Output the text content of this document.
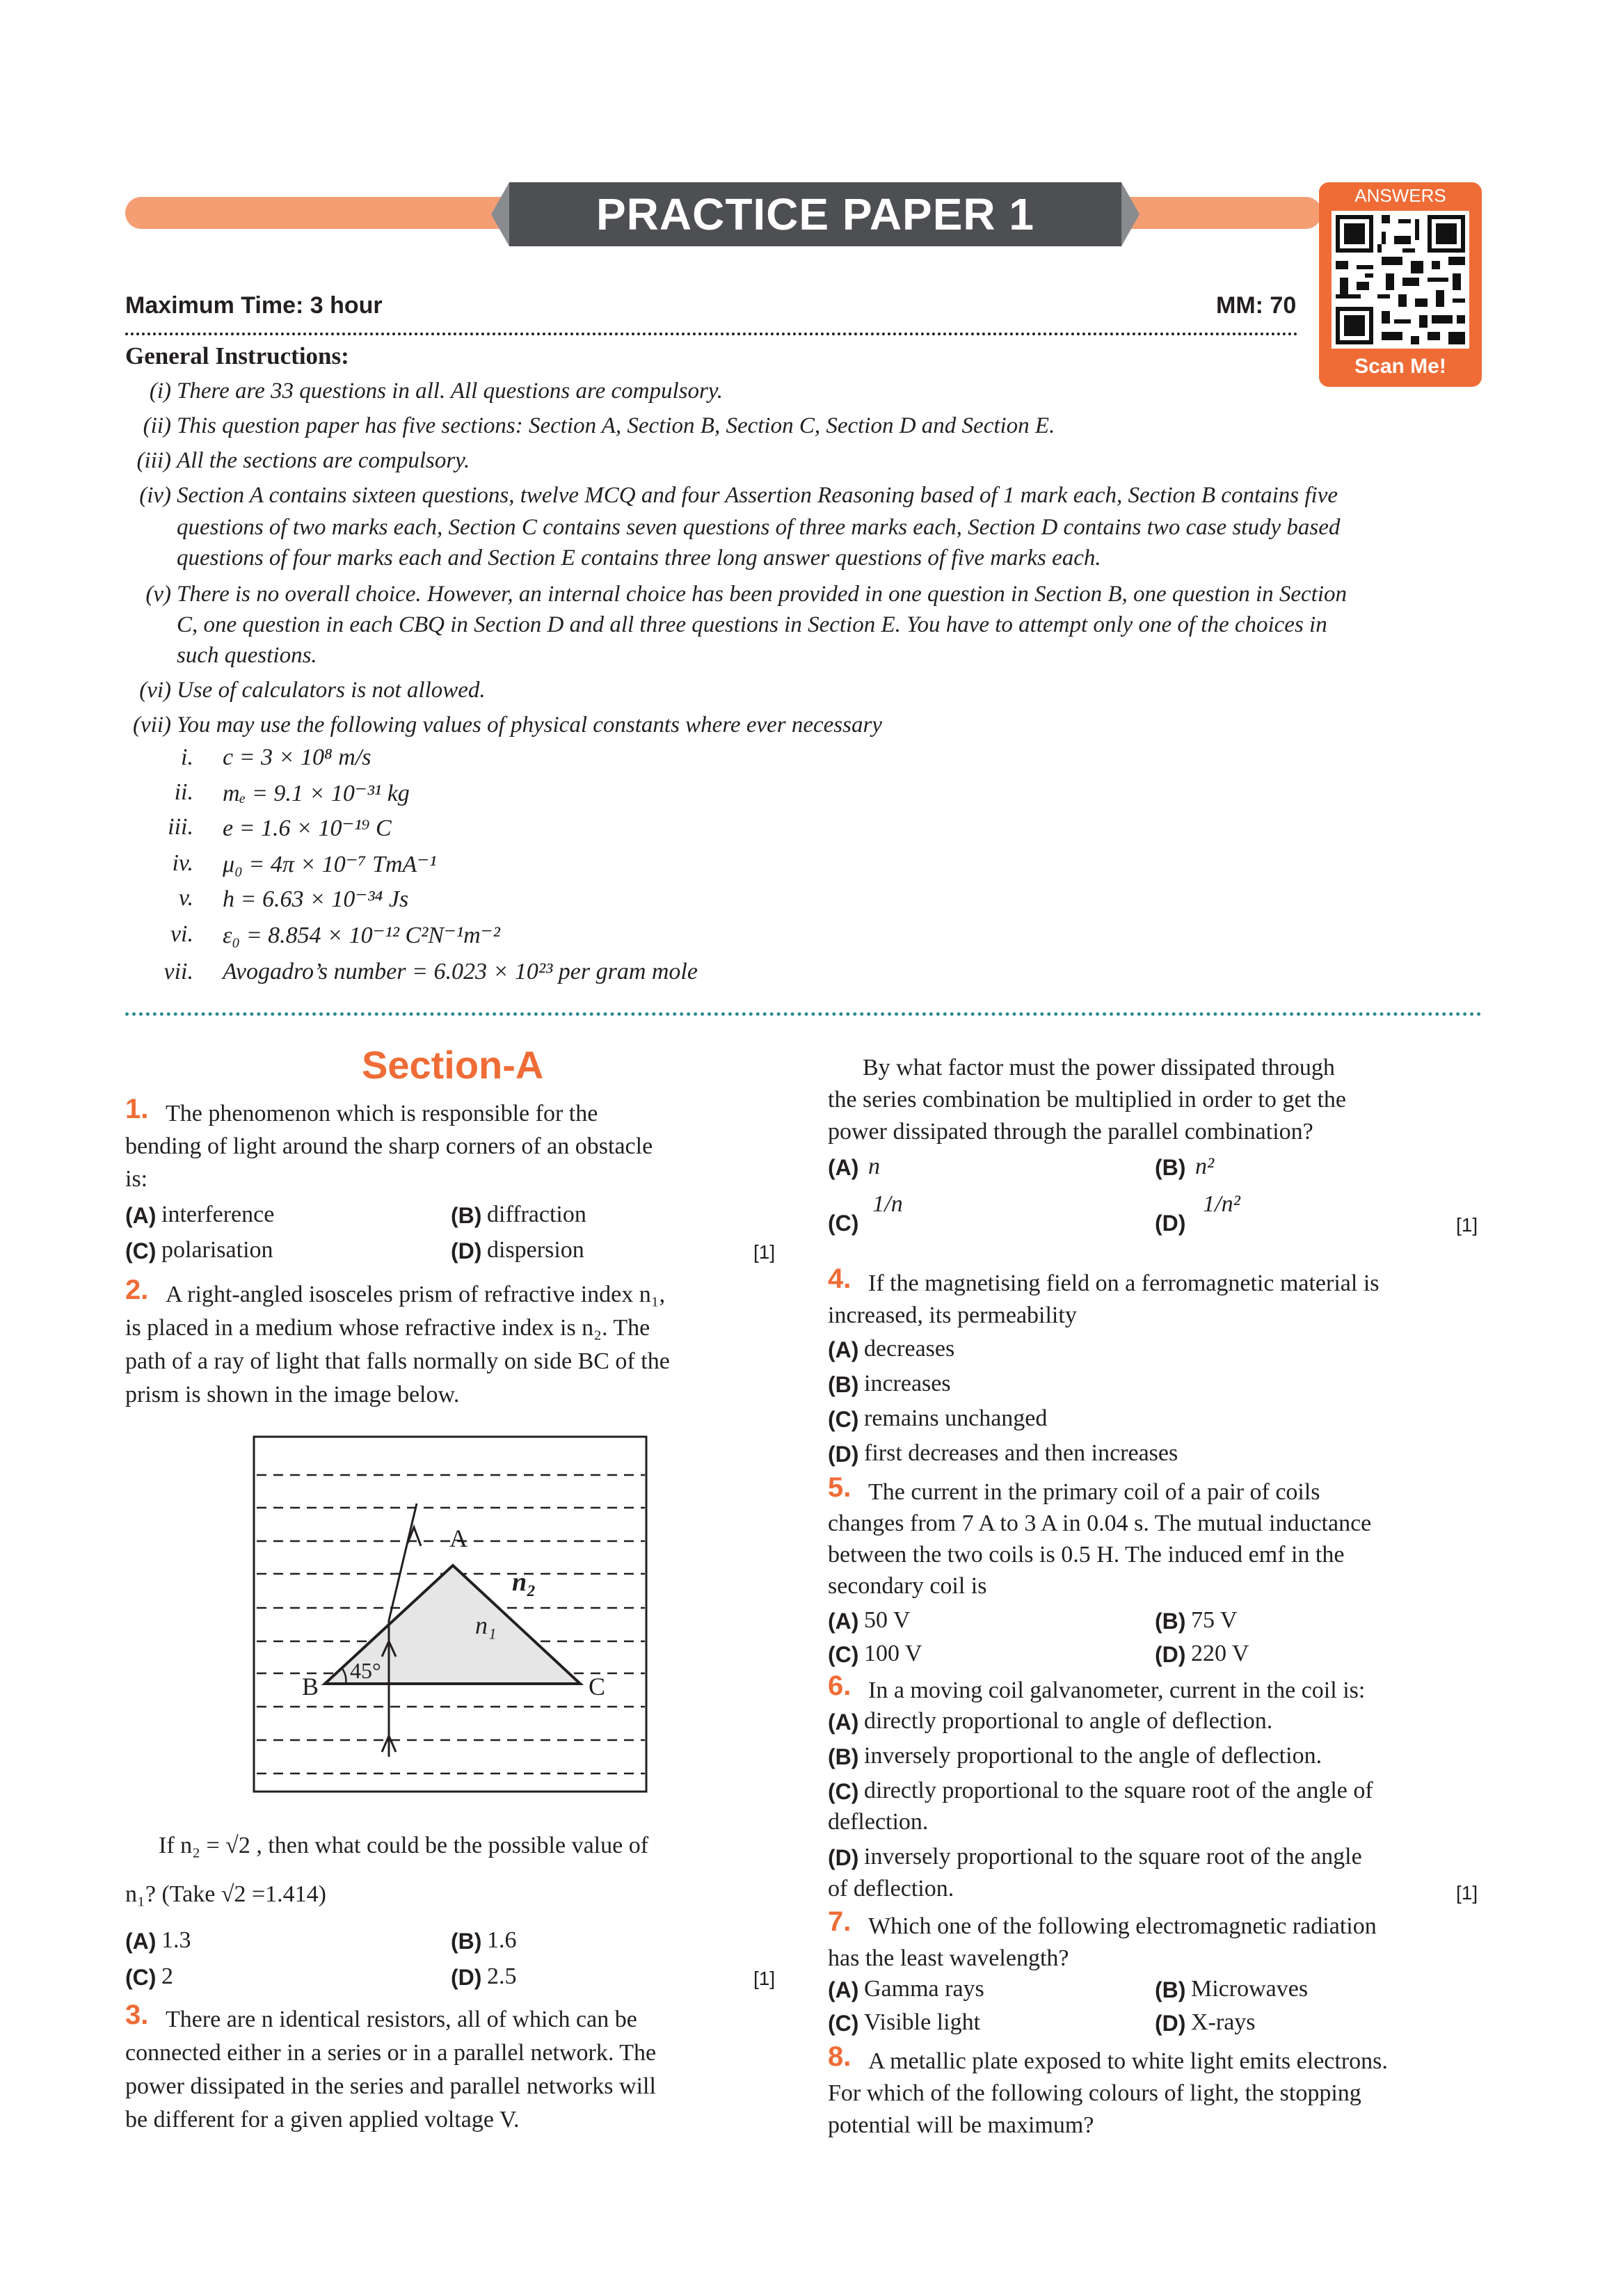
PRACTICE PAPER 1	ANSWERS
Scan Me!
Maximum Time: 3 hour	MM: 70
General Instructions:
(i) There are 33 questions in all. All questions are compulsory.
(ii) This question paper has five sections: Section A, Section B, Section C, Section D and Section E.
(iii) All the sections are compulsory.
(iv) Section A contains sixteen questions, twelve MCQ and four Assertion Reasoning based of 1 mark each, Section B contains five
questions of two marks each, Section C contains seven questions of three marks each, Section D contains two case study based
questions of four marks each and Section E contains three long answer questions of five marks each.
(v) There is no overall choice. However, an internal choice has been provided in one question in Section B, one question in Section
C, one question in each CBQ in Section D and all three questions in Section E. You have to attempt only one of the choices in
such questions.
(vi) Use of calculators is not allowed.
(vii) You may use the following values of physical constants where ever necessary
i. c = 3 × 10⁸ m/s
ii. mₑ = 9.1 × 10⁻³¹ kg
iii. e = 1.6 × 10⁻¹⁹ C
iv. μ₀ = 4π × 10⁻⁷ TmA⁻¹
v. h = 6.63 × 10⁻³⁴ Js
vi. ε₀ = 8.854 × 10⁻¹² C²N⁻¹m⁻²
vii. Avogadro’s number = 6.023 × 10²³ per gram mole
Section-A
1. The phenomenon which is responsible for the
bending of light around the sharp corners of an obstacle
is:
(A) interference	(B) diffraction
(C) polarisation	(D) dispersion	[1]
2. A right-angled isosceles prism of refractive index n₁,
is placed in a medium whose refractive index is n₂. The
path of a ray of light that falls normally on side BC of the
prism is shown in the image below.
If n₂ = √2 , then what could be the possible value of
n₁? (Take √2 =1.414)
(A) 1.3	(B) 1.6
(C) 2	(D) 2.5	[1]
3. There are n identical resistors, all of which can be
connected either in a series or in a parallel network. The
power dissipated in the series and parallel networks will
be different for a given applied voltage V.
By what factor must the power dissipated through
the series combination be multiplied in order to get the
power dissipated through the parallel combination?
(A) n	(B) n²
(C)
1/n
(D)
1/n²
[1]
4. If the magnetising field on a ferromagnetic material is
increased, its permeability
(A) decreases
(B) increases
(C) remains unchanged
(D) first decreases and then increases
5. The current in the primary coil of a pair of coils
changes from 7 A to 3 A in 0.04 s. The mutual inductance
between the two coils is 0.5 H. The induced emf in the
secondary coil is
(A) 50 V	(B) 75 V
(C) 100 V	(D) 220 V
6. In a moving coil galvanometer, current in the coil is:
(A) directly proportional to angle of deflection.
(B) inversely proportional to the angle of deflection.
(C) directly proportional to the square root of the angle of
deflection.
(D) inversely proportional to the square root of the angle
of deflection.	[1]
7. Which one of the following electromagnetic radiation
has the least wavelength?
(A) Gamma rays	(B) Microwaves
(C) Visible light	(D) X-rays
8. A metallic plate exposed to white light emits electrons.
For which of the following colours of light, the stopping
potential will be maximum?
A
B	C
45°
n₁
n₂
